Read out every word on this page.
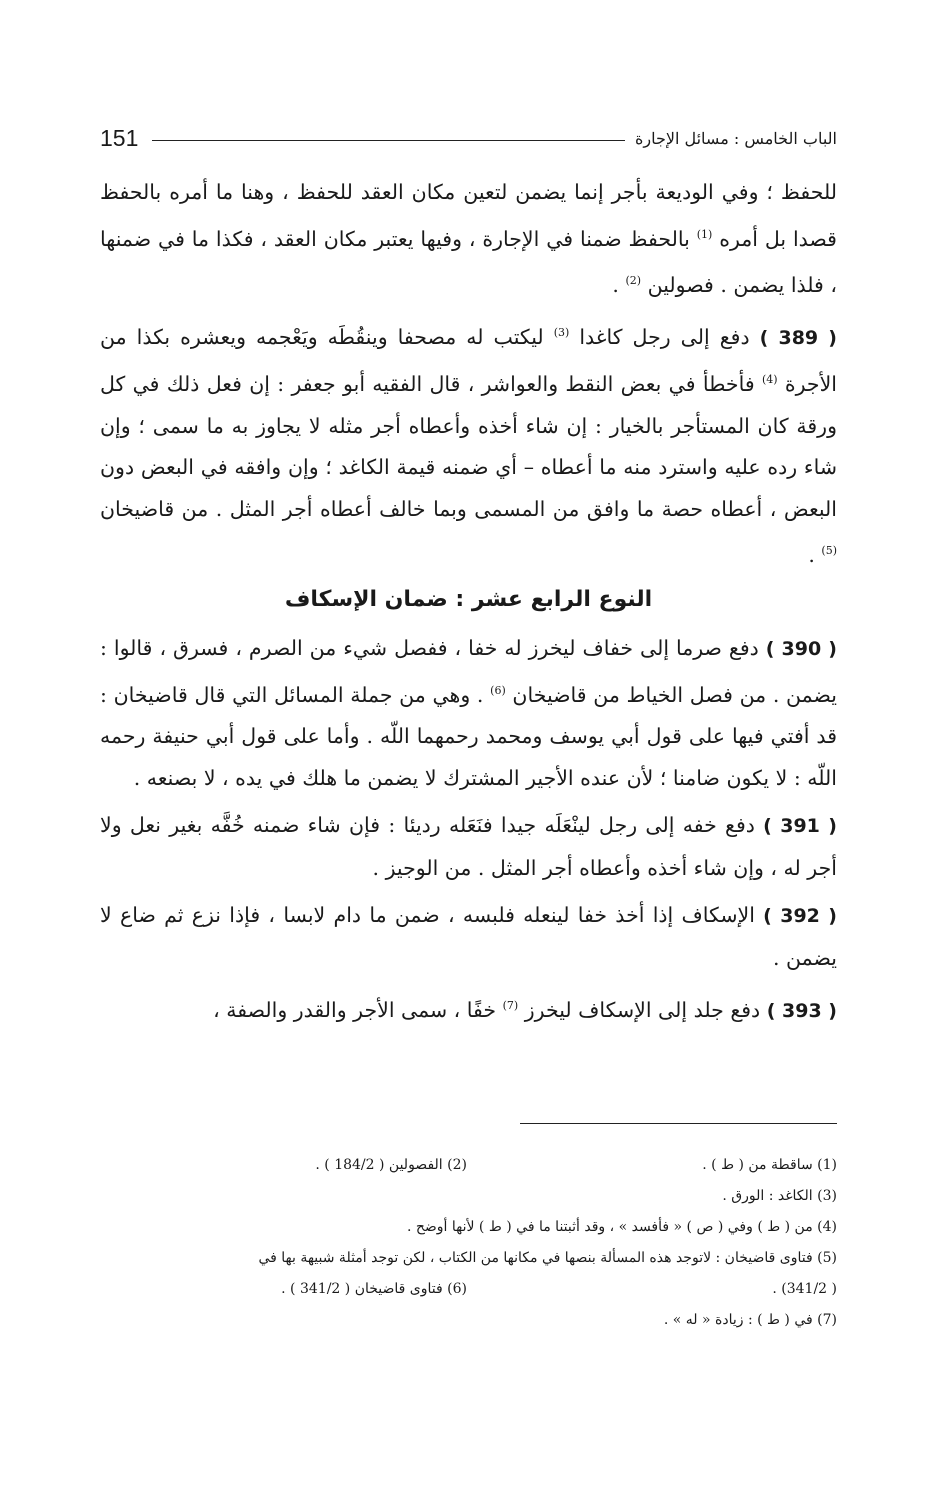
151	الباب الخامس : مسائل الإجارة

للحفظ ؛ وفي الوديعة بأجر إنما يضمن لتعين مكان العقد للحفظ ، وهنا ما أمره بالحفظ قصدا بل أمره $^{(1)}$ بالحفظ ضمنا في الإجارة ، وفيها يعتبر مكان العقد ، فكذا ما في ضمنها ، فلذا يضمن . فصولين $^{(2)}$ .

( 389 ) دفع إلى رجل كاغدا $^{(3)}$ ليكتب له مصحفا وينقُطَه ويَعْجمه ويعشره بكذا من الأجرة $^{(4)}$ فأخطأ في بعض النقط والعواشر ، قال الفقيه أبو جعفر : إن فعل ذلك في كل ورقة كان المستأجر بالخيار : إن شاء أخذه وأعطاه أجر مثله لا يجاوز به ما سمى ؛ وإن شاء رده عليه واسترد منه ما أعطاه – أي ضمنه قيمة الكاغد ؛ وإن وافقه في البعض دون البعض ، أعطاه حصة ما وافق من المسمى وبما خالف أعطاه أجر المثل . من قاضيخان $^{(5)}$ .

النوع الرابع عشر : ضمان الإسكاف

( 390 ) دفع صرما إلى خفاف ليخرز له خفا ، ففصل شيء من الصرم ، فسرق ، قالوا : يضمن . من فصل الخياط من قاضيخان $^{(6)}$ . وهي من جملة المسائل التي قال قاضيخان : قد أفتي فيها على قول أبي يوسف ومحمد رحمهما اللّه . وأما على قول أبي حنيفة رحمه اللّه : لا يكون ضامنا ؛ لأن عنده الأجير المشترك لا يضمن ما هلك في يده ، لا بصنعه .

( 391 ) دفع خفه إلى رجل لينْعَلَه جيدا فنَعَله رديئا : فإن شاء ضمنه خُفَّه بغير نعل ولا أجر له ، وإن شاء أخذه وأعطاه أجر المثل . من الوجيز .

( 392 ) الإسكاف إذا أخذ خفا لينعله فلبسه ، ضمن ما دام لابسا ، فإذا نزع ثم ضاع لا يضمن .

( 393 ) دفع جلد إلى الإسكاف ليخرز $^{(7)}$ خفًا ، سمى الأجر والقدر والصفة ،

(1) ساقطة من ( ط ) .
(2) الفصولين ( 184/2 ) .
(3) الكاغد : الورق .
(4) من ( ط ) وفي ( ص ) « فأفسد » ، وقد أثبتنا ما في ( ط ) لأنها أوضح .
(5) فتاوى قاضيخان : لاتوجد هذه المسألة بنصها في مكانها من الكتاب ، لكن توجد أمثلة شبيهة بها في
( 341/2) .
(6) فتاوى قاضيخان ( 341/2 ) .
(7) في ( ط ) : زيادة « له » .
